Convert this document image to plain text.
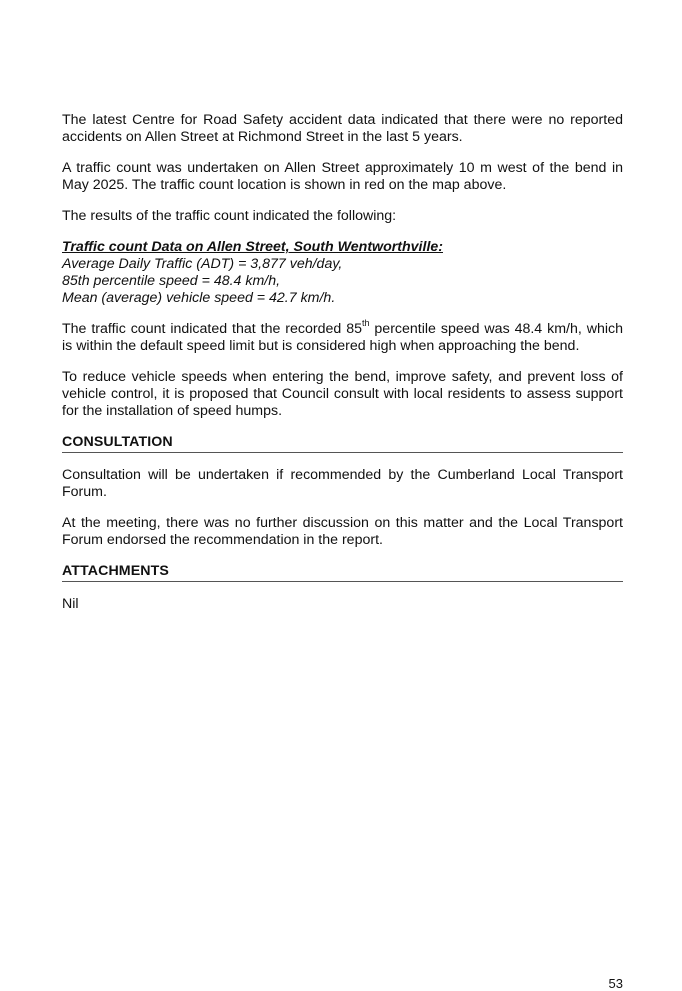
The latest Centre for Road Safety accident data indicated that there were no reported accidents on Allen Street at Richmond Street in the last 5 years.

A traffic count was undertaken on Allen Street approximately 10 m west of the bend in May 2025. The traffic count location is shown in red on the map above.

The results of the traffic count indicated the following:

Traffic count Data on Allen Street, South Wentworthville:
Average Daily Traffic (ADT) = 3,877 veh/day,
85th percentile speed = 48.4 km/h,
Mean (average) vehicle speed = 42.7 km/h.

The traffic count indicated that the recorded 85th percentile speed was 48.4 km/h, which is within the default speed limit but is considered high when approaching the bend.

To reduce vehicle speeds when entering the bend, improve safety, and prevent loss of vehicle control, it is proposed that Council consult with local residents to assess support for the installation of speed humps.

CONSULTATION

Consultation will be undertaken if recommended by the Cumberland Local Transport Forum.

At the meeting, there was no further discussion on this matter and the Local Transport Forum endorsed the recommendation in the report.

ATTACHMENTS

Nil

53
